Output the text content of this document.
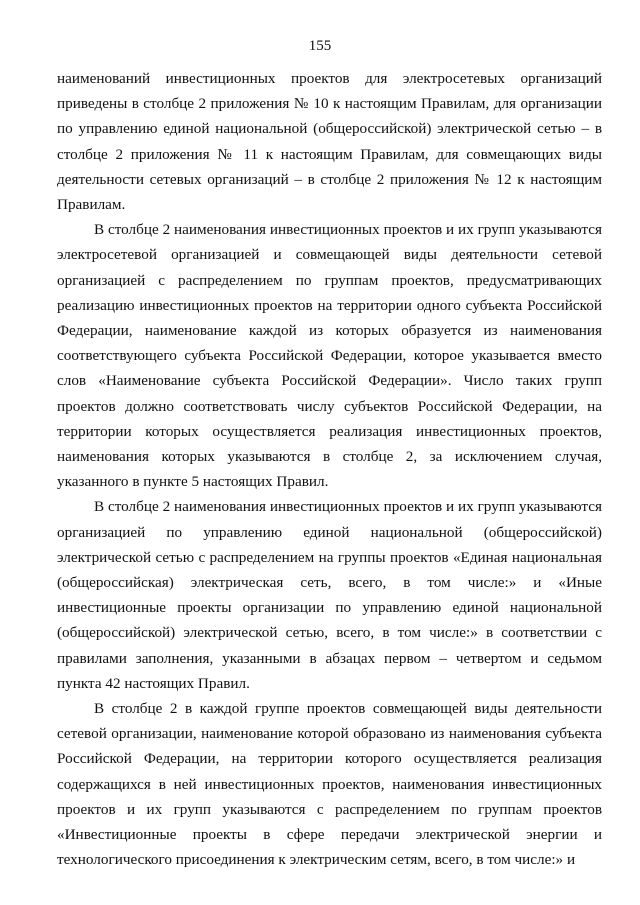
155

наименований инвестиционных проектов для электросетевых организаций приведены в столбце 2 приложения № 10 к настоящим Правилам, для организации по управлению единой национальной (общероссийской) электрической сетью – в столбце 2 приложения № 11 к настоящим Правилам, для совмещающих виды деятельности сетевых организаций – в столбце 2 приложения № 12 к настоящим Правилам.

В столбце 2 наименования инвестиционных проектов и их групп указываются электросетевой организацией и совмещающей виды деятельности сетевой организацией с распределением по группам проектов, предусматривающих реализацию инвестиционных проектов на территории одного субъекта Российской Федерации, наименование каждой из которых образуется из наименования соответствующего субъекта Российской Федерации, которое указывается вместо слов «Наименование субъекта Российской Федерации». Число таких групп проектов должно соответствовать числу субъектов Российской Федерации, на территории которых осуществляется реализация инвестиционных проектов, наименования которых указываются в столбце 2, за исключением случая, указанного в пункте 5 настоящих Правил.

В столбце 2 наименования инвестиционных проектов и их групп указываются организацией по управлению единой национальной (общероссийской) электрической сетью с распределением на группы проектов «Единая национальная (общероссийская) электрическая сеть, всего, в том числе:» и «Иные инвестиционные проекты организации по управлению единой национальной (общероссийской) электрической сетью, всего, в том числе:» в соответствии с правилами заполнения, указанными в абзацах первом – четвертом и седьмом пункта 42 настоящих Правил.

В столбце 2 в каждой группе проектов совмещающей виды деятельности сетевой организации, наименование которой образовано из наименования субъекта Российской Федерации, на территории которого осуществляется реализация содержащихся в ней инвестиционных проектов, наименования инвестиционных проектов и их групп указываются с распределением по группам проектов «Инвестиционные проекты в сфере передачи электрической энергии и технологического присоединения к электрическим сетям, всего, в том числе:» и
